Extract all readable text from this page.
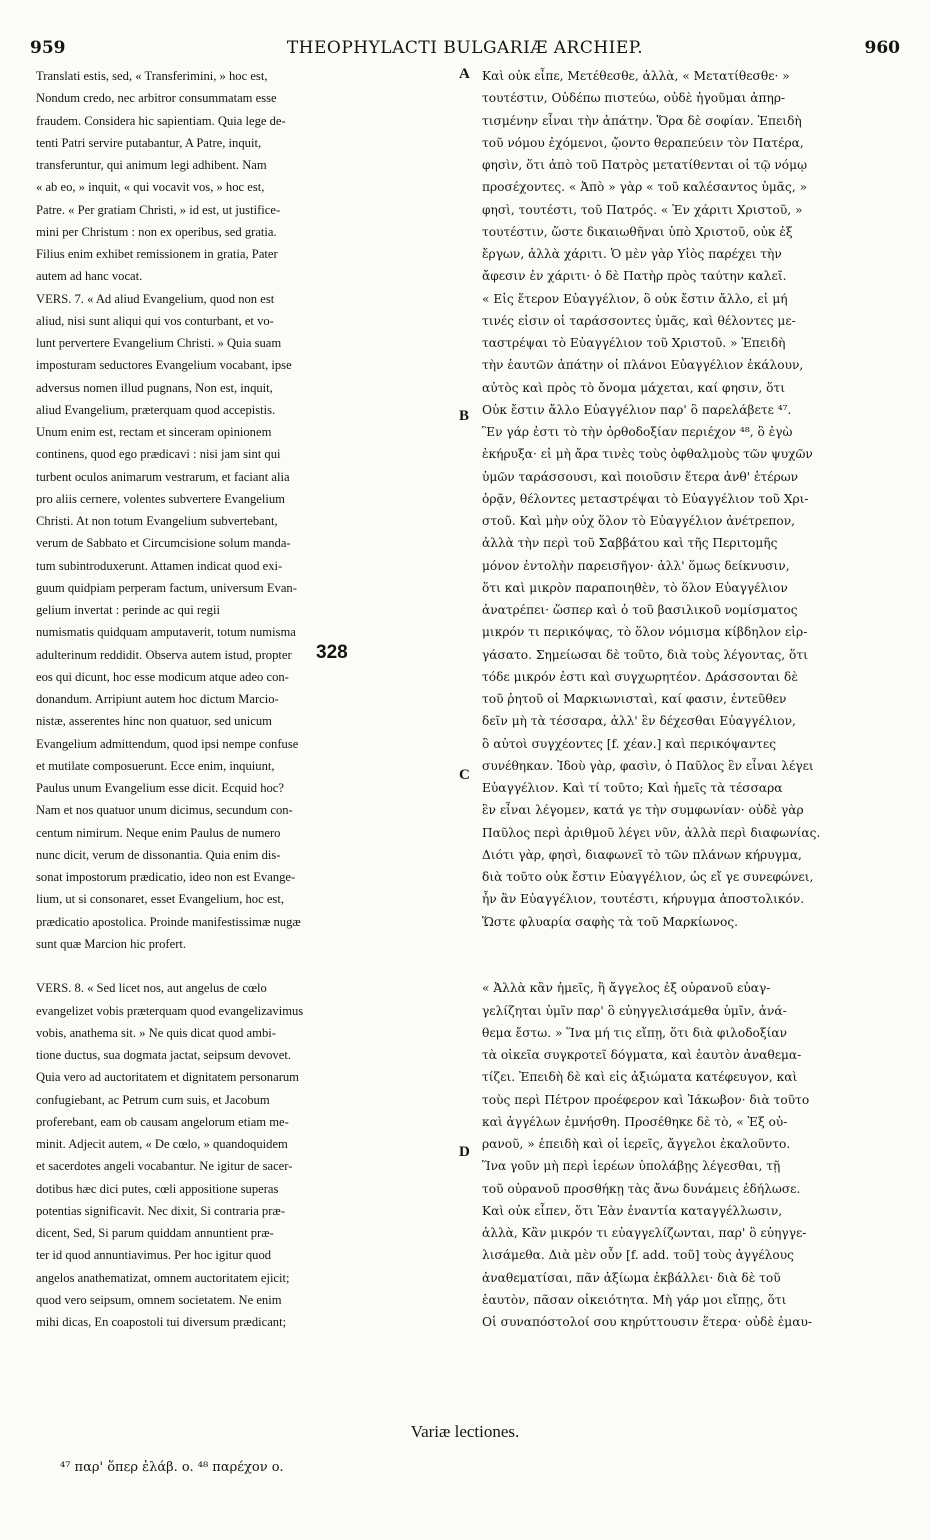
959	THEOPHYLACTI BULGARIÆ ARCHIEP.	960
Translati estis, sed, « Transferimini, » hoc est,
Nondum credo, nec arbitror consummatam esse
fraudem. Considera hic sapientiam. Quia lege de-
tenti Patri servire putabantur, A Patre, inquit,
transferuntur, qui animum legi adhibent. Nam
« ab eo, » inquit, « qui vocavit vos, » hoc est,
Patre. « Per gratiam Christi, » id est, ut justifice-
mini per Christum : non ex operibus, sed gratia.
Filius enim exhibet remissionem in gratia, Pater
autem ad hanc vocat.
VERS. 7. « Ad aliud Evangelium, quod non est
aliud, nisi sunt aliqui qui vos conturbant, et vo-
lunt pervertere Evangelium Christi. » Quia suam
imposturam seductores Evangelium vocabant, ipse
adversus nomen illud pugnans, Non est, inquit,
aliud Evangelium, præterquam quod accepistis.
Unum enim est, rectam et sinceram opinionem
continens, quod ego prædicavi : nisi jam sint qui
turbent oculos animarum vestrarum, et faciant alia
pro aliis cernere, volentes subvertere Evangelium
Christi. At non totum Evangelium subvertebant,
verum de Sabbato et Circumcisione solum manda-
tum subintroduxerunt. Attamen indicat quod exi-
guum quidpiam perperam factum, universum Evan-
gelium invertat : perinde ac qui regii
numismatis quidquam amputaverit, totum numisma
adulterinum reddidit. Observa autem istud, propter
eos qui dicunt, hoc esse modicum atque adeo con-
donandum. Arripiunt autem hoc dictum Marcio-
nistæ, asserentes hinc non quatuor, sed unicum
Evangelium admittendum, quod ipsi nempe confuse
et mutilate composuerunt. Ecce enim, inquiunt,
Paulus unum Evangelium esse dicit. Ecquid hoc?
Nam et nos quatuor unum dicimus, secundum con-
centum nimirum. Neque enim Paulus de numero
nunc dicit, verum de dissonantia. Quia enim dis-
sonat impostorum prædicatio, ideo non est Evange-
lium, ut si consonaret, esset Evangelium, hoc est,
prædicatio apostolica. Proinde manifestissimæ nugæ
sunt quæ Marcion hic profert.
VERS. 8. « Sed licet nos, aut angelus de cœlo
evangelizet vobis præterquam quod evangelizavimus
vobis, anathema sit. » Ne quis dicat quod ambi-
tione ductus, sua dogmata jactat, seipsum devovet.
Quia vero ad auctoritatem et dignitatem personarum
confugiebant, ac Petrum cum suis, et Jacobum
proferebant, eam ob causam angelorum etiam me-
minit. Adjecit autem, « De cœlo, » quandoquidem
et sacerdotes angeli vocabantur. Ne igitur de sacer-
dotibus hæc dici putes, cœli appositione superas
potentias significavit. Nec dixit, Si contraria præ-
dicent, Sed, Si parum quiddam annuntient præ-
ter id quod annuntiavimus. Per hoc igitur quod
angelos anathematizat, omnem auctoritatem ejicit;
quod vero seipsum, omnem societatem. Ne enim
mihi dicas, En coapostoli tui diversum prædicant;
Καὶ οὐκ εἶπε, Μετέθεσθε, ἀλλὰ, « Μετατίθεσθε· »
τουτέστιν, Οὐδέπω πιστεύω, οὐδὲ ἡγοῦμαι ἀπηρ-
τισμένην εἶναι τὴν ἀπάτην. Ὅρα δὲ σοφίαν. Ἐπειδὴ
τοῦ νόμου ἐχόμενοι, ᾤοντο θεραπεύειν τὸν Πατέρα,
φησὶν, ὅτι ἀπὸ τοῦ Πατρὸς μετατίθενται οἱ τῷ νόμῳ
προσέχοντες. « Ἀπὸ » γὰρ « τοῦ καλέσαντος ὑμᾶς, »
φησὶ, τουτέστι, τοῦ Πατρός. « Ἐν χάριτι Χριστοῦ, »
τουτέστιν, ὥστε δικαιωθῆναι ὑπὸ Χριστοῦ, οὐκ ἐξ
ἔργων, ἀλλὰ χάριτι. Ὁ μὲν γὰρ Υἱὸς παρέχει τὴν
ἄφεσιν ἐν χάριτι· ὁ δὲ Πατὴρ πρὸς ταύτην καλεῖ.
« Εἰς ἕτερον Εὐαγγέλιον, ὃ οὐκ ἔστιν ἄλλο, εἰ μή
τινές εἰσιν οἱ ταράσσοντες ὑμᾶς, καὶ θέλοντες με-
ταστρέψαι τὸ Εὐαγγέλιον τοῦ Χριστοῦ. » Ἐπειδὴ
τὴν ἑαυτῶν ἀπάτην οἱ πλάνοι Εὐαγγέλιον ἐκάλουν,
αὐτὸς καὶ πρὸς τὸ ὄνομα μάχεται, καί φησιν, ὅτι
Οὐκ ἔστιν ἄλλο Εὐαγγέλιον παρ' ὃ παρελάβετε ⁴⁷.
Ἓν γάρ ἐστι τὸ τὴν ὀρθοδοξίαν περιέχον ⁴⁸, ὃ ἐγὼ
ἐκήρυξα· εἰ μὴ ἄρα τινὲς τοὺς ὀφθαλμοὺς τῶν ψυχῶν
ὑμῶν ταράσσουσι, καὶ ποιοῦσιν ἕτερα ἀνθ' ἑτέρων
ὁρᾷν, θέλοντες μεταστρέψαι τὸ Εὐαγγέλιον τοῦ Χρι-
στοῦ. Καὶ μὴν οὐχ ὅλον τὸ Εὐαγγέλιον ἀνέτρεπον,
ἀλλὰ τὴν περὶ τοῦ Σαββάτου καὶ τῆς Περιτομῆς
μόνον ἐντολὴν παρεισῆγον· ἀλλ' ὅμως δείκνυσιν,
ὅτι καὶ μικρὸν παραποιηθὲν, τὸ ὅλον Εὐαγγέλιον
ἀνατρέπει· ὥσπερ καὶ ὁ τοῦ βασιλικοῦ νομίσματος
μικρόν τι περικόψας, τὸ ὅλον νόμισμα κίβδηλον εἰρ-
γάσατο. Σημείωσαι δὲ τοῦτο, διὰ τοὺς λέγοντας, ὅτι
τόδε μικρόν ἐστι καὶ συγχωρητέον. Δράσσονται δὲ
τοῦ ῥητοῦ οἱ Μαρκιωνισταὶ, καί φασιν, ἐντεῦθεν
δεῖν μὴ τὰ τέσσαρα, ἀλλ' ἓν δέχεσθαι Εὐαγγέλιον,
ὃ αὐτοὶ συγχέοντες [f. χέαν.] καὶ περικόψαντες
συνέθηκαν. Ἰδοὺ γὰρ, φασὶν, ὁ Παῦλος ἓν εἶναι λέγει
Εὐαγγέλιον. Καὶ τί τοῦτο; Καὶ ἡμεῖς τὰ τέσσαρα
ἓν εἶναι λέγομεν, κατά γε τὴν συμφωνίαν· οὐδὲ γὰρ
Παῦλος περὶ ἀριθμοῦ λέγει νῦν, ἀλλὰ περὶ διαφωνίας.
Διότι γὰρ, φησὶ, διαφωνεῖ τὸ τῶν πλάνων κήρυγμα,
διὰ τοῦτο οὐκ ἔστιν Εὐαγγέλιον, ὡς εἴ γε συνεφώνει,
ἦν ἂν Εὐαγγέλιον, τουτέστι, κήρυγμα ἀποστολικόν.
Ὥστε φλυαρία σαφὴς τὰ τοῦ Μαρκίωνος.
« Ἀλλὰ κἂν ἡμεῖς, ἢ ἄγγελος ἐξ οὐρανοῦ εὐαγ-
γελίζηται ὑμῖν παρ' ὃ εὐηγγελισάμεθα ὑμῖν, ἀνά-
θεμα ἔστω. » Ἵνα μή τις εἴπῃ, ὅτι διὰ φιλοδοξίαν
τὰ οἰκεῖα συγκροτεῖ δόγματα, καὶ ἑαυτὸν ἀναθεμα-
τίζει. Ἐπειδὴ δὲ καὶ εἰς ἀξιώματα κατέφευγον, καὶ
τοὺς περὶ Πέτρον προέφερον καὶ Ἰάκωβον· διὰ τοῦτο
καὶ ἀγγέλων ἐμνήσθη. Προσέθηκε δὲ τὸ, « Ἐξ οὐ-
ρανοῦ, » ἐπειδὴ καὶ οἱ ἱερεῖς, ἄγγελοι ἐκαλοῦντο.
Ἵνα γοῦν μὴ περὶ ἱερέων ὑπολάβῃς λέγεσθαι, τῇ
τοῦ οὐρανοῦ προσθήκῃ τὰς ἄνω δυνάμεις ἐδήλωσε.
Καὶ οὐκ εἶπεν, ὅτι Ἐὰν ἐναντία καταγγέλλωσιν,
ἀλλὰ, Κἂν μικρόν τι εὐαγγελίζωνται, παρ' ὃ εὐηγγε-
λισάμεθα. Διὰ μὲν οὖν [f. add. τοῦ] τοὺς ἀγγέλους
ἀναθεματίσαι, πᾶν ἀξίωμα ἐκβάλλει· διὰ δὲ τοῦ
ἑαυτὸν, πᾶσαν οἰκειότητα. Μὴ γάρ μοι εἴπῃς, ὅτι
Οἱ συναπόστολοί σου κηρύττουσιν ἕτερα· οὐδὲ ἐμαυ-
A
B
C
D
328
Variæ lectiones.
⁴⁷ παρ' ὅπερ ἐλάβ. o. ⁴⁸ παρέχον o.
